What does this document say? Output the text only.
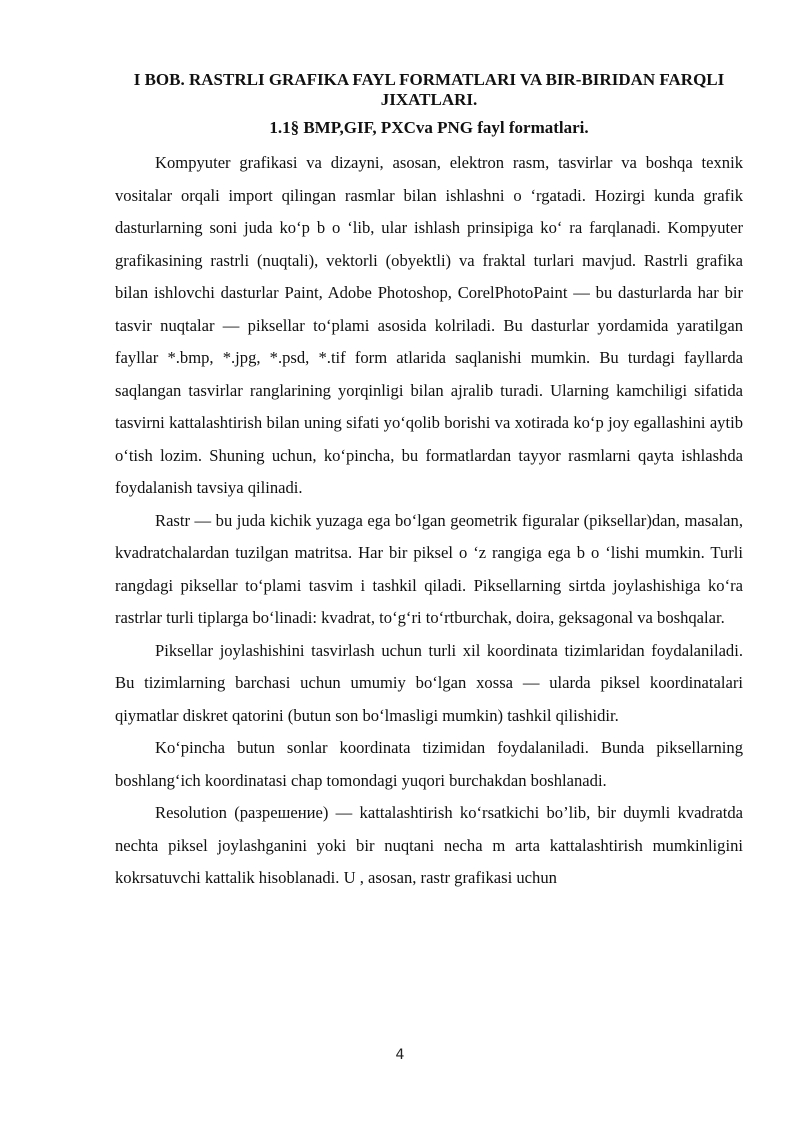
I BOB. RASTRLI GRAFIKA FAYL FORMATLARI VA BIR-BIRIDAN FARQLI JIXATLARI.
1.1§ BMP,GIF, PXCva PNG fayl formatlari.

Kompyuter grafikasi va dizayni, asosan, elektron rasm, tasvirlar va boshqa texnik vositalar orqali import qilingan rasmlar bilan ishlashni o ‘rgatadi. Hozirgi kunda grafik dasturlarning soni juda ko‘p b o ‘lib, ular ishlash prinsipiga ko‘ ra farqlanadi. Kompyuter grafikasining rastrli (nuqtali), vektorli (obyektli) va fraktal turlari mavjud. Rastrli grafika bilan ishlovchi dasturlar Paint, Adobe Photoshop, CorelPhotoPaint — bu dasturlarda har bir tasvir nuqtalar — piksellar to‘plami asosida kolriladi. Bu dasturlar yordamida yaratilgan fayllar *.bmp, *.jpg, *.psd, *.tif form atlarida saqlanishi mumkin. Bu turdagi fayllarda saqlangan tasvirlar ranglarining yorqinligi bilan ajralib turadi. Ularning kamchiligi sifatida tasvirni kattalashtirish bilan uning sifati yo‘qolib borishi va xotirada ko‘p joy egallashini aytib o‘tish lozim. Shuning uchun, ko‘pincha, bu formatlardan tayyor rasmlarni qayta ishlashda foydalanish tavsiya qilinadi.

Rastr — bu juda kichik yuzaga ega bo‘lgan geometrik figuralar (piksellar)dan, masalan, kvadratchalardan tuzilgan matritsa. Har bir piksel o ‘z rangiga ega b o ‘lishi mumkin. Turli rangdagi piksellar to‘plami tasvim i tashkil qiladi. Piksellarning sirtda joylashishiga ko‘ra rastrlar turli tiplarga bo‘linadi: kvadrat, to‘g‘ri to‘rtburchak, doira, geksagonal va boshqalar.

Piksellar joylashishini tasvirlash uchun turli xil koordinata tizimlaridan foydalaniladi. Bu tizimlarning barchasi uchun umumiy bo‘lgan xossa — ularda piksel koordinatalari qiymatlar diskret qatorini (butun son bo‘lmasligi mumkin) tashkil qilishidir.

Ko‘pincha butun sonlar koordinata tizimidan foydalaniladi. Bunda piksellarning boshlang‘ich koordinatasi chap tomondagi yuqori burchakdan boshlanadi.

Resolution (разрешение) — kattalashtirish ko‘rsatkichi bo’lib, bir duymli kvadratda nechta piksel joylashganini yoki bir nuqtani necha m arta kattalashtirish mumkinligini kokrsatuvchi kattalik hisoblanadi. U , asosan, rastr grafikasi uchun

4
